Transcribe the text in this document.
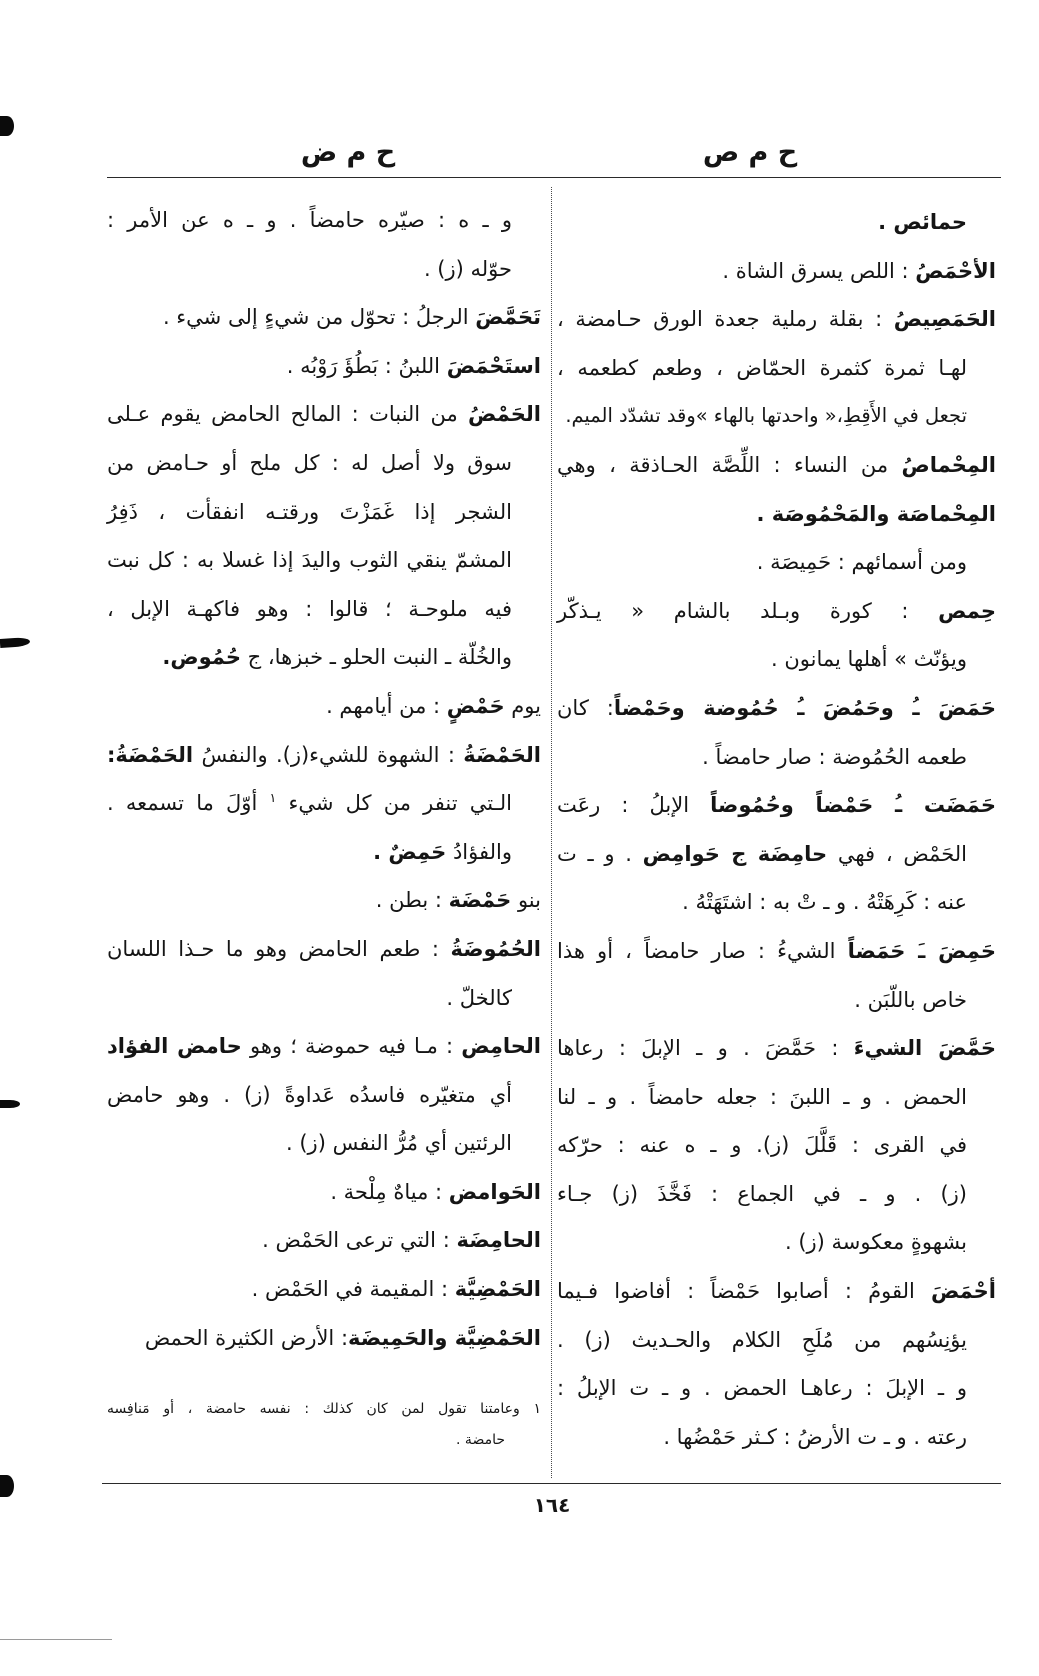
ح م ص
ح م ض
حمائص .
الأحْمَصُ : اللص يسرق الشاة .
الحَمَصِيصُ : بقلة رملية جعدة الورق حـامضة ،
لهـا ثمرة كثمرة الحمّاض ، وطعم كطعمه ،
تجعل في الأَقِطِ،« واحدتها بالهاء »وقد تشدّد الميم.
المِحْماصُ من النساء : اللِّصَّة الحـاذقة ، وهي
المِحْماصَة والمَحْمُوصَة .
ومن أسمائهم : حَمِيصَة .
حِمص : كورة وبـلد بالشام « يـذكّر
ويؤنّث » أهلها يمانون .
حَمَضَ ـُ وحَمُضَ ـُ حُمُوضة وحَمْضاً: كان
طعمه الحُمُوضة : صار حامضاً .
حَمَضَت ـُ حَمْضاً وحُمُوضاً الإبلُ : رعَت
الحَمْض ، فهي حامِضَة ج حَوامِض . و ـ ت
عنه : كَرِهَتْهُ . و ـ تْ به : اشتَهَتْهُ .
حَمِضَ ـَ حَمَضاً الشيءُ : صار حامضاً ، أو هذا
خاص باللّبَن .
حَمَّضَ الشيءَ : حَمَّضَ . و ـ الإبلَ : رعاها
الحمض . و ـ اللبنَ : جعله حامضاً . و ـ لنا
في القرى : قَلَّلَ (ز). و ـ ه عنه : حرّكه
(ز) . و ـ في الجماع : فَخَّذَ (ز) جـاء
بشهوةٍ معكوسة (ز) .
أحْمَضَ القومُ : أصابوا حَمْضاً : أفاضوا فـيما
يؤنِسُهم من مُلَحِ الكلام والحـديث (ز) .
و ـ الإبلَ : رعاهـا الحمض . و ـ ت الإبلُ :
رعته . و ـ ت الأرضُ : كـثر حَمْضُها .
و ـ ه : صيّره حامضاً . و ـ ه عن الأمر :
حوّله (ز) .
تَحَمَّضَ الرجلُ : تحوّل من شيءٍ إلى شيء .
استَحْمَضَ اللبنُ : بَطُؤَ رَوْبُه .
الحَمْضُ من النبات : المالح الحامض يقوم عـلى
سوق ولا أصل له : كل ملح أو حـامض من
الشجر إذا غَمَزْتَ ورقتـه انفقأت ، ذَفِرُ
المشمّ ينقي الثوب واليدَ إذا غسلا به : كل نبت
فيه ملوحـة ؛ قالوا : وهو فاكهـة الإبل ،
والخُلّة ـ النبت الحلو ـ خبزها، ج حُمُوض.
يوم حَمْضٍ : من أيامهم .
الحَمْضَةُ : الشهوة للشيء(ز). والنفسُ الحَمْضَةُ:
الـتي تنفر من كل شيء $^١$ أوّلَ ما تسمعه .
والفؤادُ حَمِضٌ .
بنو حَمْضَة : بطن .
الحُمُوضَةُ : طعم الحامض وهو ما حـذا اللسان
كالخلّ .
الحامِض : مـا فيه حموضة ؛ وهو حامض الفؤاد
أي متغيّره فاسدُه عَداوةً (ز) . وهو حامض
الرئتين أي مُرُّ النفس (ز) .
الحَوامض : مياهٌ مِلْحة .
الحامِضَة : التي ترعى الحَمْض .
الحَمْضِيَّة : المقيمة في الحَمْض .
الحَمْضِيَّة والحَمِيضَة: الأرض الكثيرة الحمض
١ وعامتنا تقول لمن كان كذلك : نفسه حامضة ، أو مَنافِسه
حامضة .
١٦٤
